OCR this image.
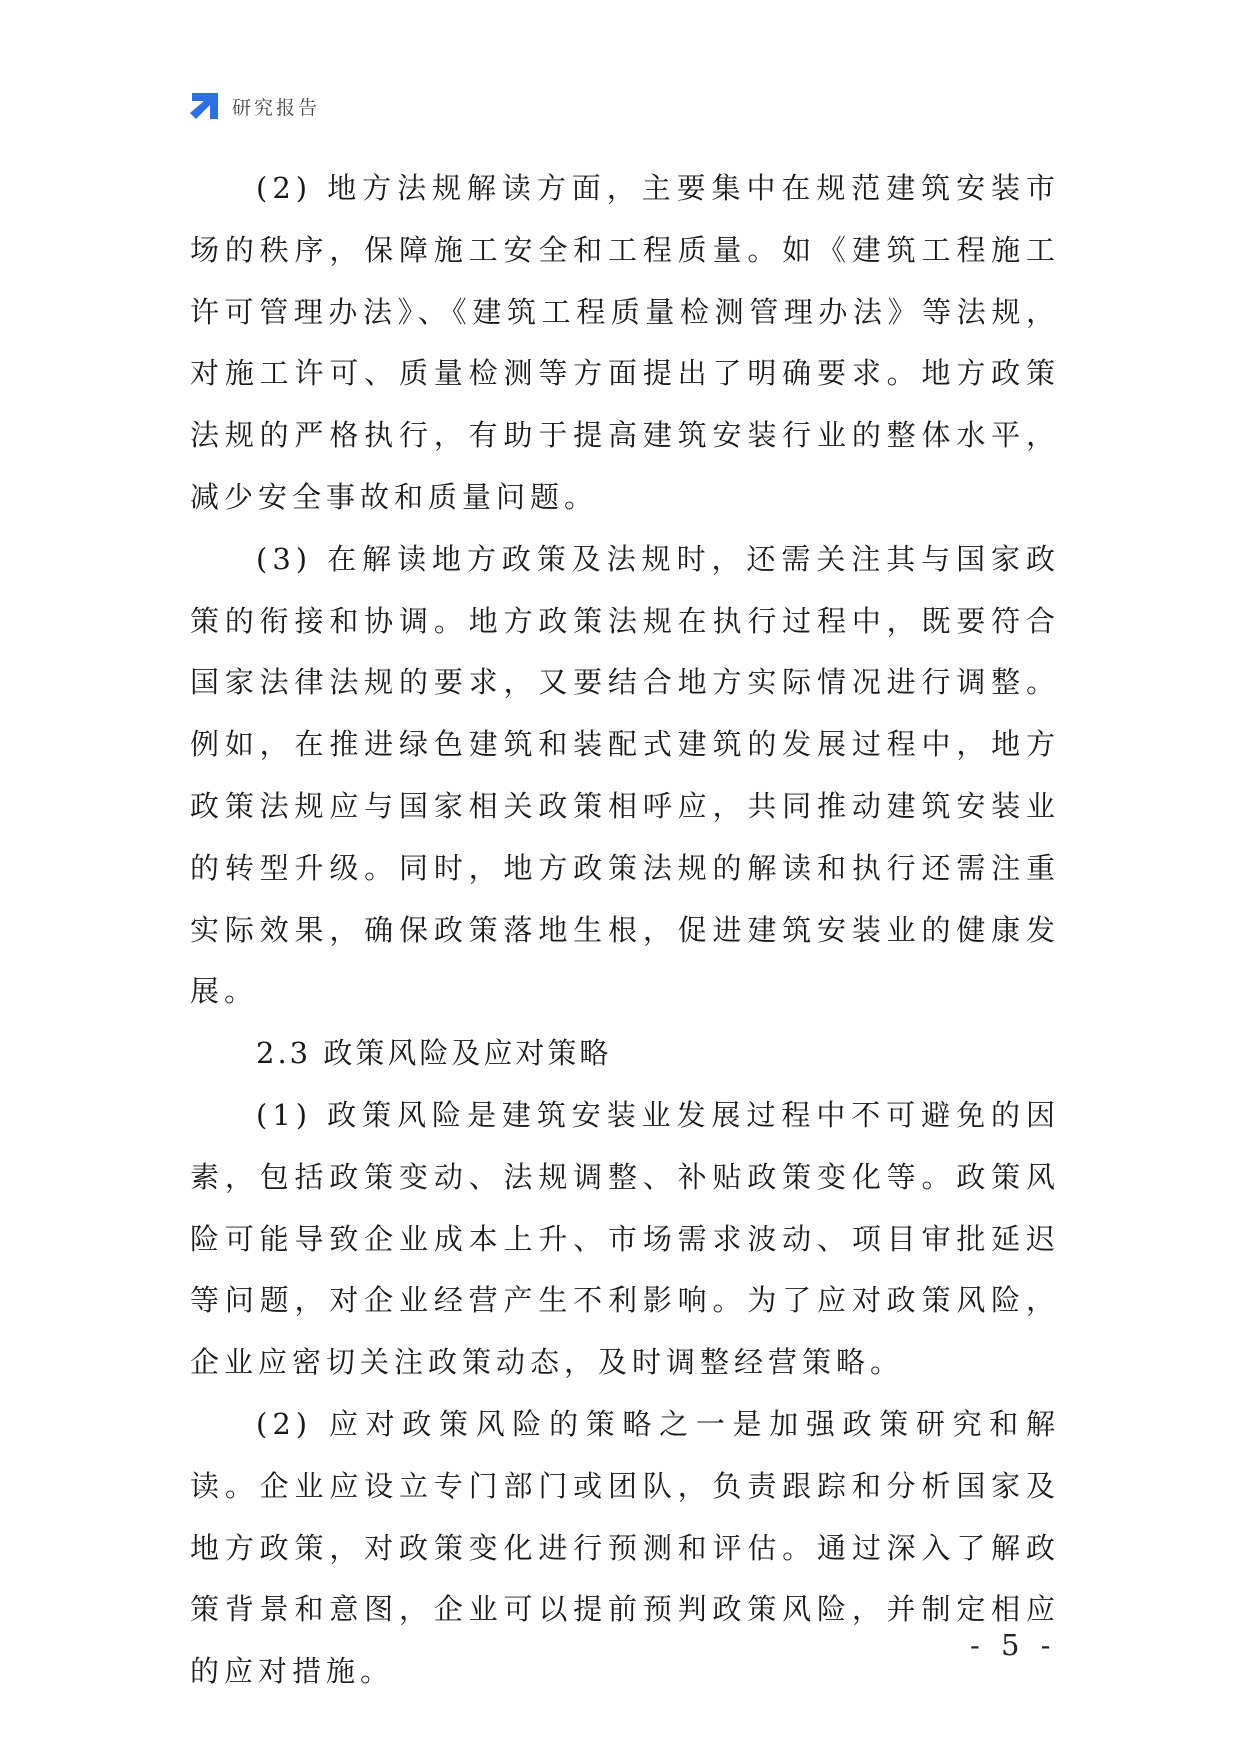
研究报告

(2) 地方法规解读方面，主要集中在规范建筑安装市场的秩序，保障施工安全和工程质量。如《建筑工程施工许可管理办法》、《建筑工程质量检测管理办法》等法规，对施工许可、质量检测等方面提出了明确要求。地方政策法规的严格执行，有助于提高建筑安装行业的整体水平，减少安全事故和质量问题。

(3) 在解读地方政策及法规时，还需关注其与国家政策的衔接和协调。地方政策法规在执行过程中，既要符合国家法律法规的要求，又要结合地方实际情况进行调整。例如，在推进绿色建筑和装配式建筑的发展过程中，地方政策法规应与国家相关政策相呼应，共同推动建筑安装业的转型升级。同时，地方政策法规的解读和执行还需注重实际效果，确保政策落地生根，促进建筑安装业的健康发展。

2.3 政策风险及应对策略

(1) 政策风险是建筑安装业发展过程中不可避免的因素，包括政策变动、法规调整、补贴政策变化等。政策风险可能导致企业成本上升、市场需求波动、项目审批延迟等问题，对企业经营产生不利影响。为了应对政策风险，企业应密切关注政策动态，及时调整经营策略。

(2) 应对政策风险的策略之一是加强政策研究和解读。企业应设立专门部门或团队，负责跟踪和分析国家及地方政策，对政策变化进行预测和评估。通过深入了解政策背景和意图，企业可以提前预判政策风险，并制定相应的应对措施。

- 5 -
